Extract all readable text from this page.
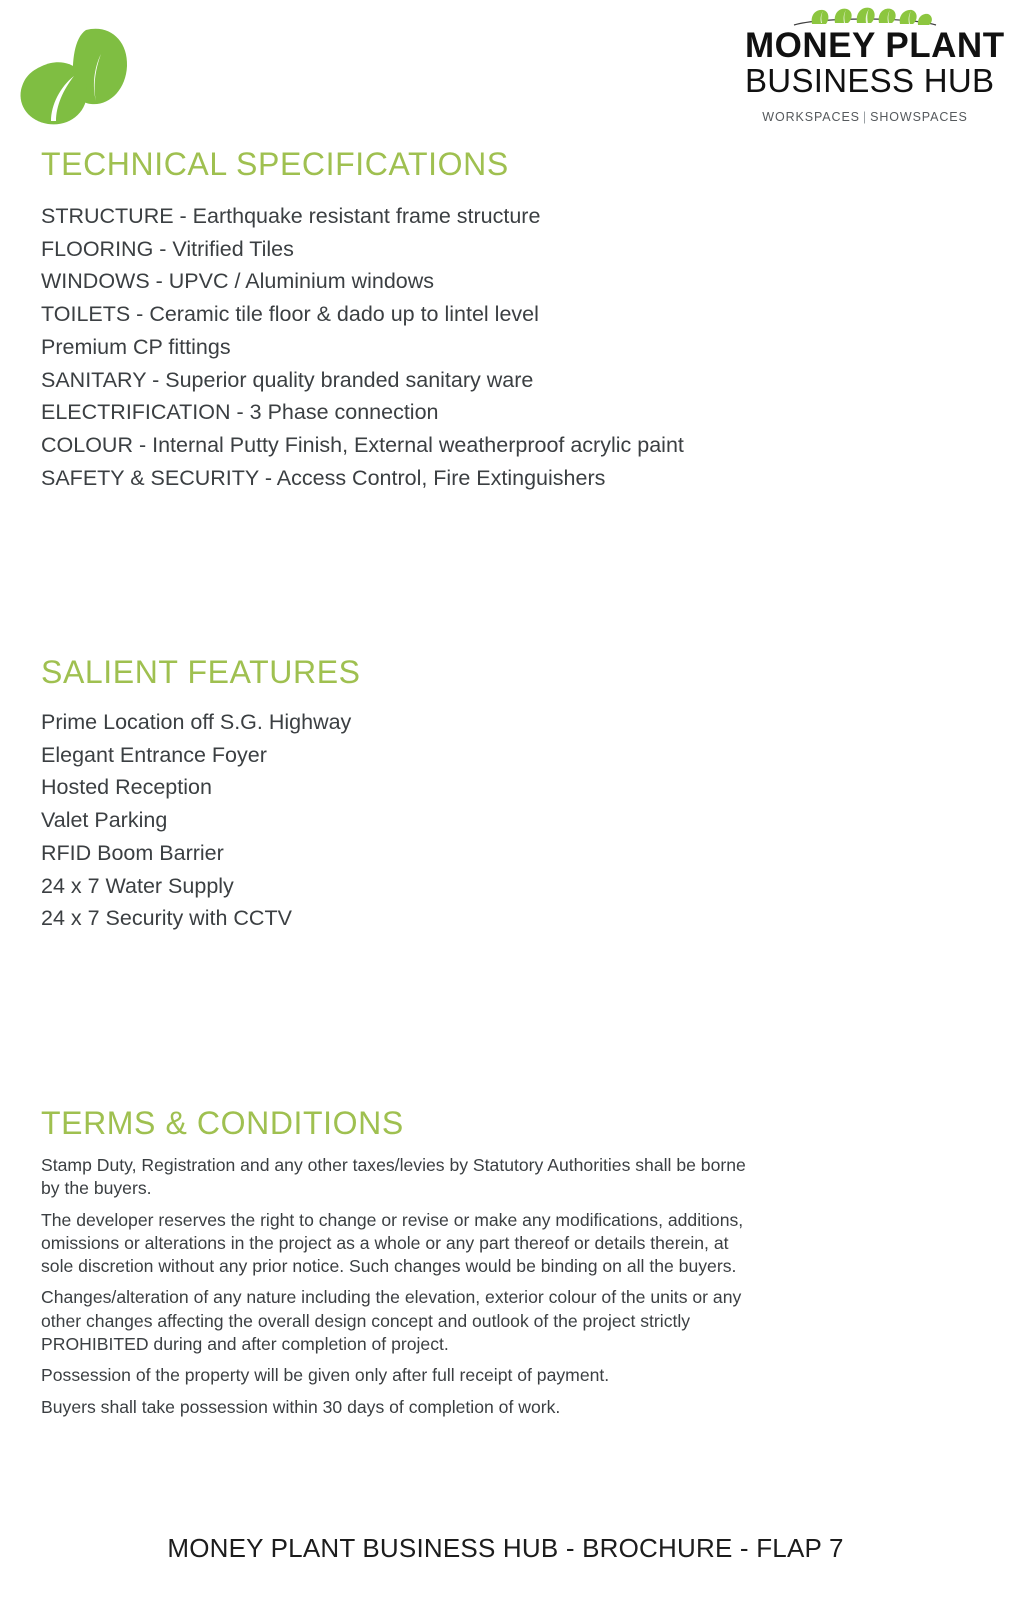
MONEY PLANT
BUSINESS HUB
WORKSPACES | SHOWSPACES
TECHNICAL SPECIFICATIONS
STRUCTURE - Earthquake resistant frame structure
FLOORING - Vitrified Tiles
WINDOWS - UPVC / Aluminium windows
TOILETS - Ceramic tile floor & dado up to lintel level
Premium CP fittings
SANITARY - Superior quality branded sanitary ware
ELECTRIFICATION - 3 Phase connection
COLOUR - Internal Putty Finish, External weatherproof acrylic paint
SAFETY & SECURITY - Access Control, Fire Extinguishers
SALIENT FEATURES
Prime Location off S.G. Highway
Elegant Entrance Foyer
Hosted Reception
Valet Parking
RFID Boom Barrier
24 x 7 Water Supply
24 x 7 Security with CCTV
TERMS & CONDITIONS

Stamp Duty, Registration and any other taxes/levies by Statutory Authorities shall be borne by the buyers.

The developer reserves the right to change or revise or make any modifications, additions, omissions or alterations in the project as a whole or any part thereof or details therein, at sole discretion without any prior notice. Such changes would be binding on all the buyers.

Changes/alteration of any nature including the elevation, exterior colour of the units or any other changes affecting the overall design concept and outlook of the project strictly PROHIBITED during and after completion of project.

Possession of the property will be given only after full receipt of payment.

Buyers shall take possession within 30 days of completion of work.

MONEY PLANT BUSINESS HUB - BROCHURE - FLAP 7
